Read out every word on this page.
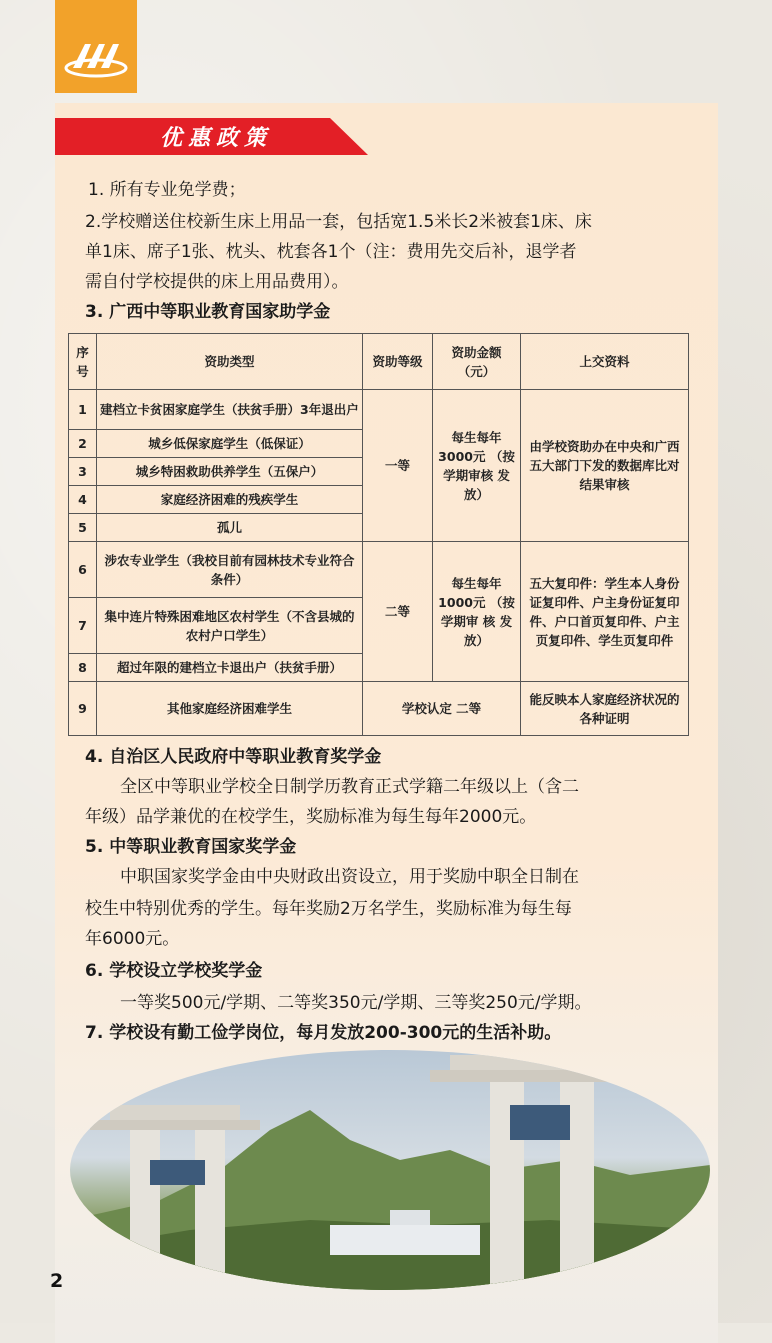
优惠政策
1. 所有专业免学费；
2.学校赠送住校新生床上用品一套，包括宽1.5米长2米被套1床、床
单1床、席子1张、枕头、枕套各1个（注：费用先交后补，退学者
需自付学校提供的床上用品费用）。
3. 广西中等职业教育国家助学金
序号	资助类型	资助等级	资助金额（元）	上交资料
1	建档立卡贫困家庭学生（扶贫手册）3年退出户	一等	每生每年 3000元 （按学期审核 发放）	由学校资助办在中央和广西五大部门下发的数据库比对结果审核
2	城乡低保家庭学生（低保证）			
3	城乡特困救助供养学生（五保户）			
4	家庭经济困难的残疾学生			
5	孤儿			
6	涉农专业学生（我校目前有园林技术专业符合条件）	二等	每生每年 1000元 （按学期审 核 发放）	五大复印件：学生本人身份证复印件、户主身份证复印件、户口首页复印件、户主页复印件、学生页复印件
7	集中连片特殊困难地区农村学生（不含县城的农村户口学生）			
8	超过年限的建档立卡退出户（扶贫手册）			
9	其他家庭经济困难学生	学校认定 二等		能反映本人家庭经济状况的各种证明
4. 自治区人民政府中等职业教育奖学金
全区中等职业学校全日制学历教育正式学籍二年级以上（含二
年级）品学兼优的在校学生，奖励标准为每生每年2000元。
5. 中等职业教育国家奖学金
中职国家奖学金由中央财政出资设立，用于奖励中职全日制在
校生中特别优秀的学生。每年奖励2万名学生，奖励标准为每生每
年6000元。
6. 学校设立学校奖学金
一等奖500元/学期、二等奖350元/学期、三等奖250元/学期。
7. 学校设有勤工俭学岗位，每月发放200-300元的生活补助。
2
